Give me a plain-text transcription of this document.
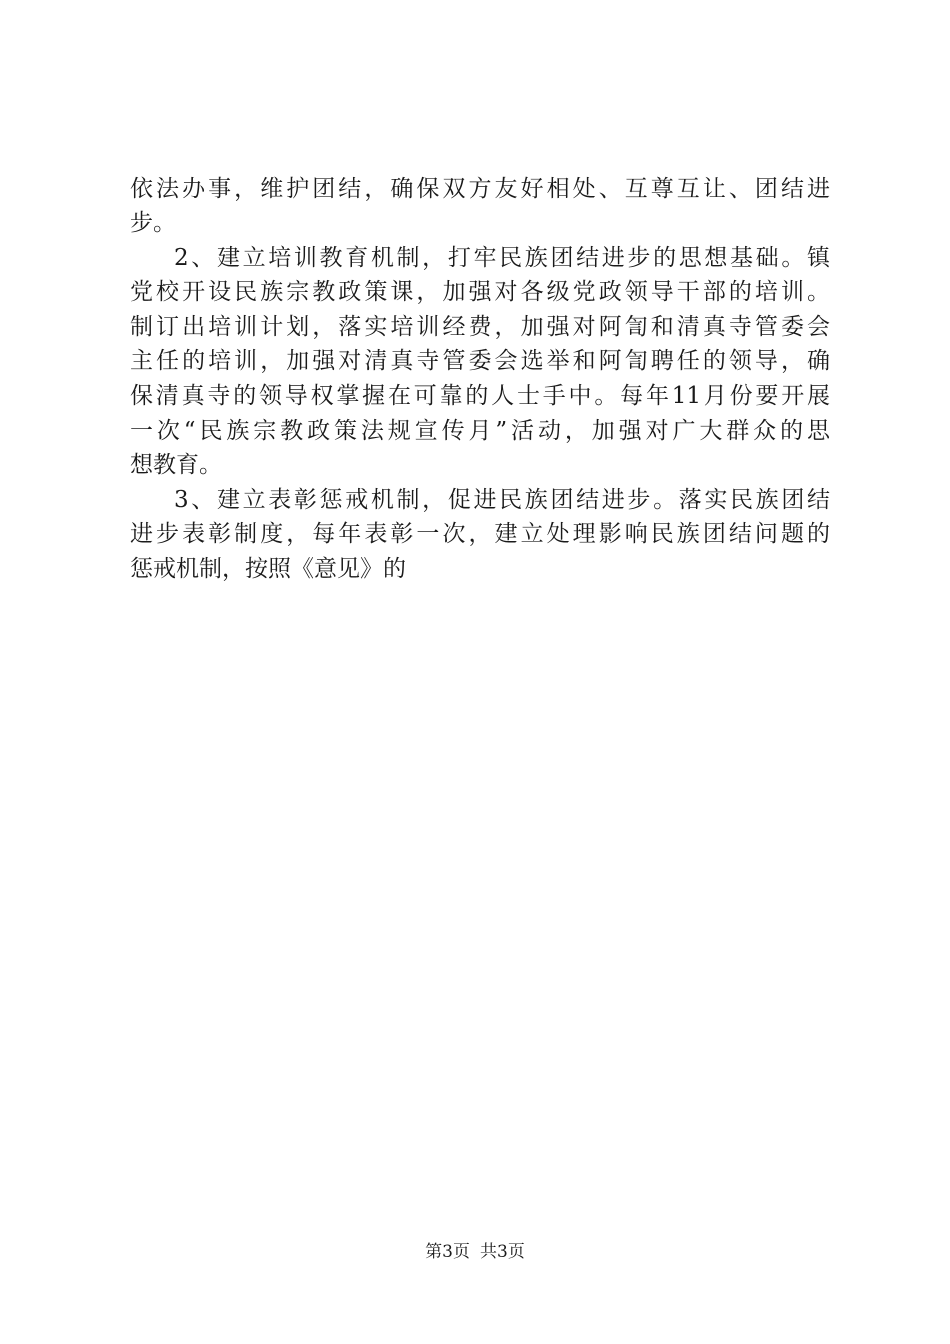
依法办事，维护团结，确保双方友好相处、互尊互让、团结进
步。
2、建立培训教育机制，打牢民族团结进步的思想基础。镇
党校开设民族宗教政策课，加强对各级党政领导干部的培训。
制订出培训计划，落实培训经费，加强对阿訇和清真寺管委会
主任的培训，加强对清真寺管委会选举和阿訇聘任的领导，确
保清真寺的领导权掌握在可靠的人士手中。每年11月份要开展
一次“民族宗教政策法规宣传月”活动，加强对广大群众的思
想教育。
3、建立表彰惩戒机制，促进民族团结进步。落实民族团结
进步表彰制度，每年表彰一次，建立处理影响民族团结问题的
惩戒机制，按照《意见》的
第3页 共3页
